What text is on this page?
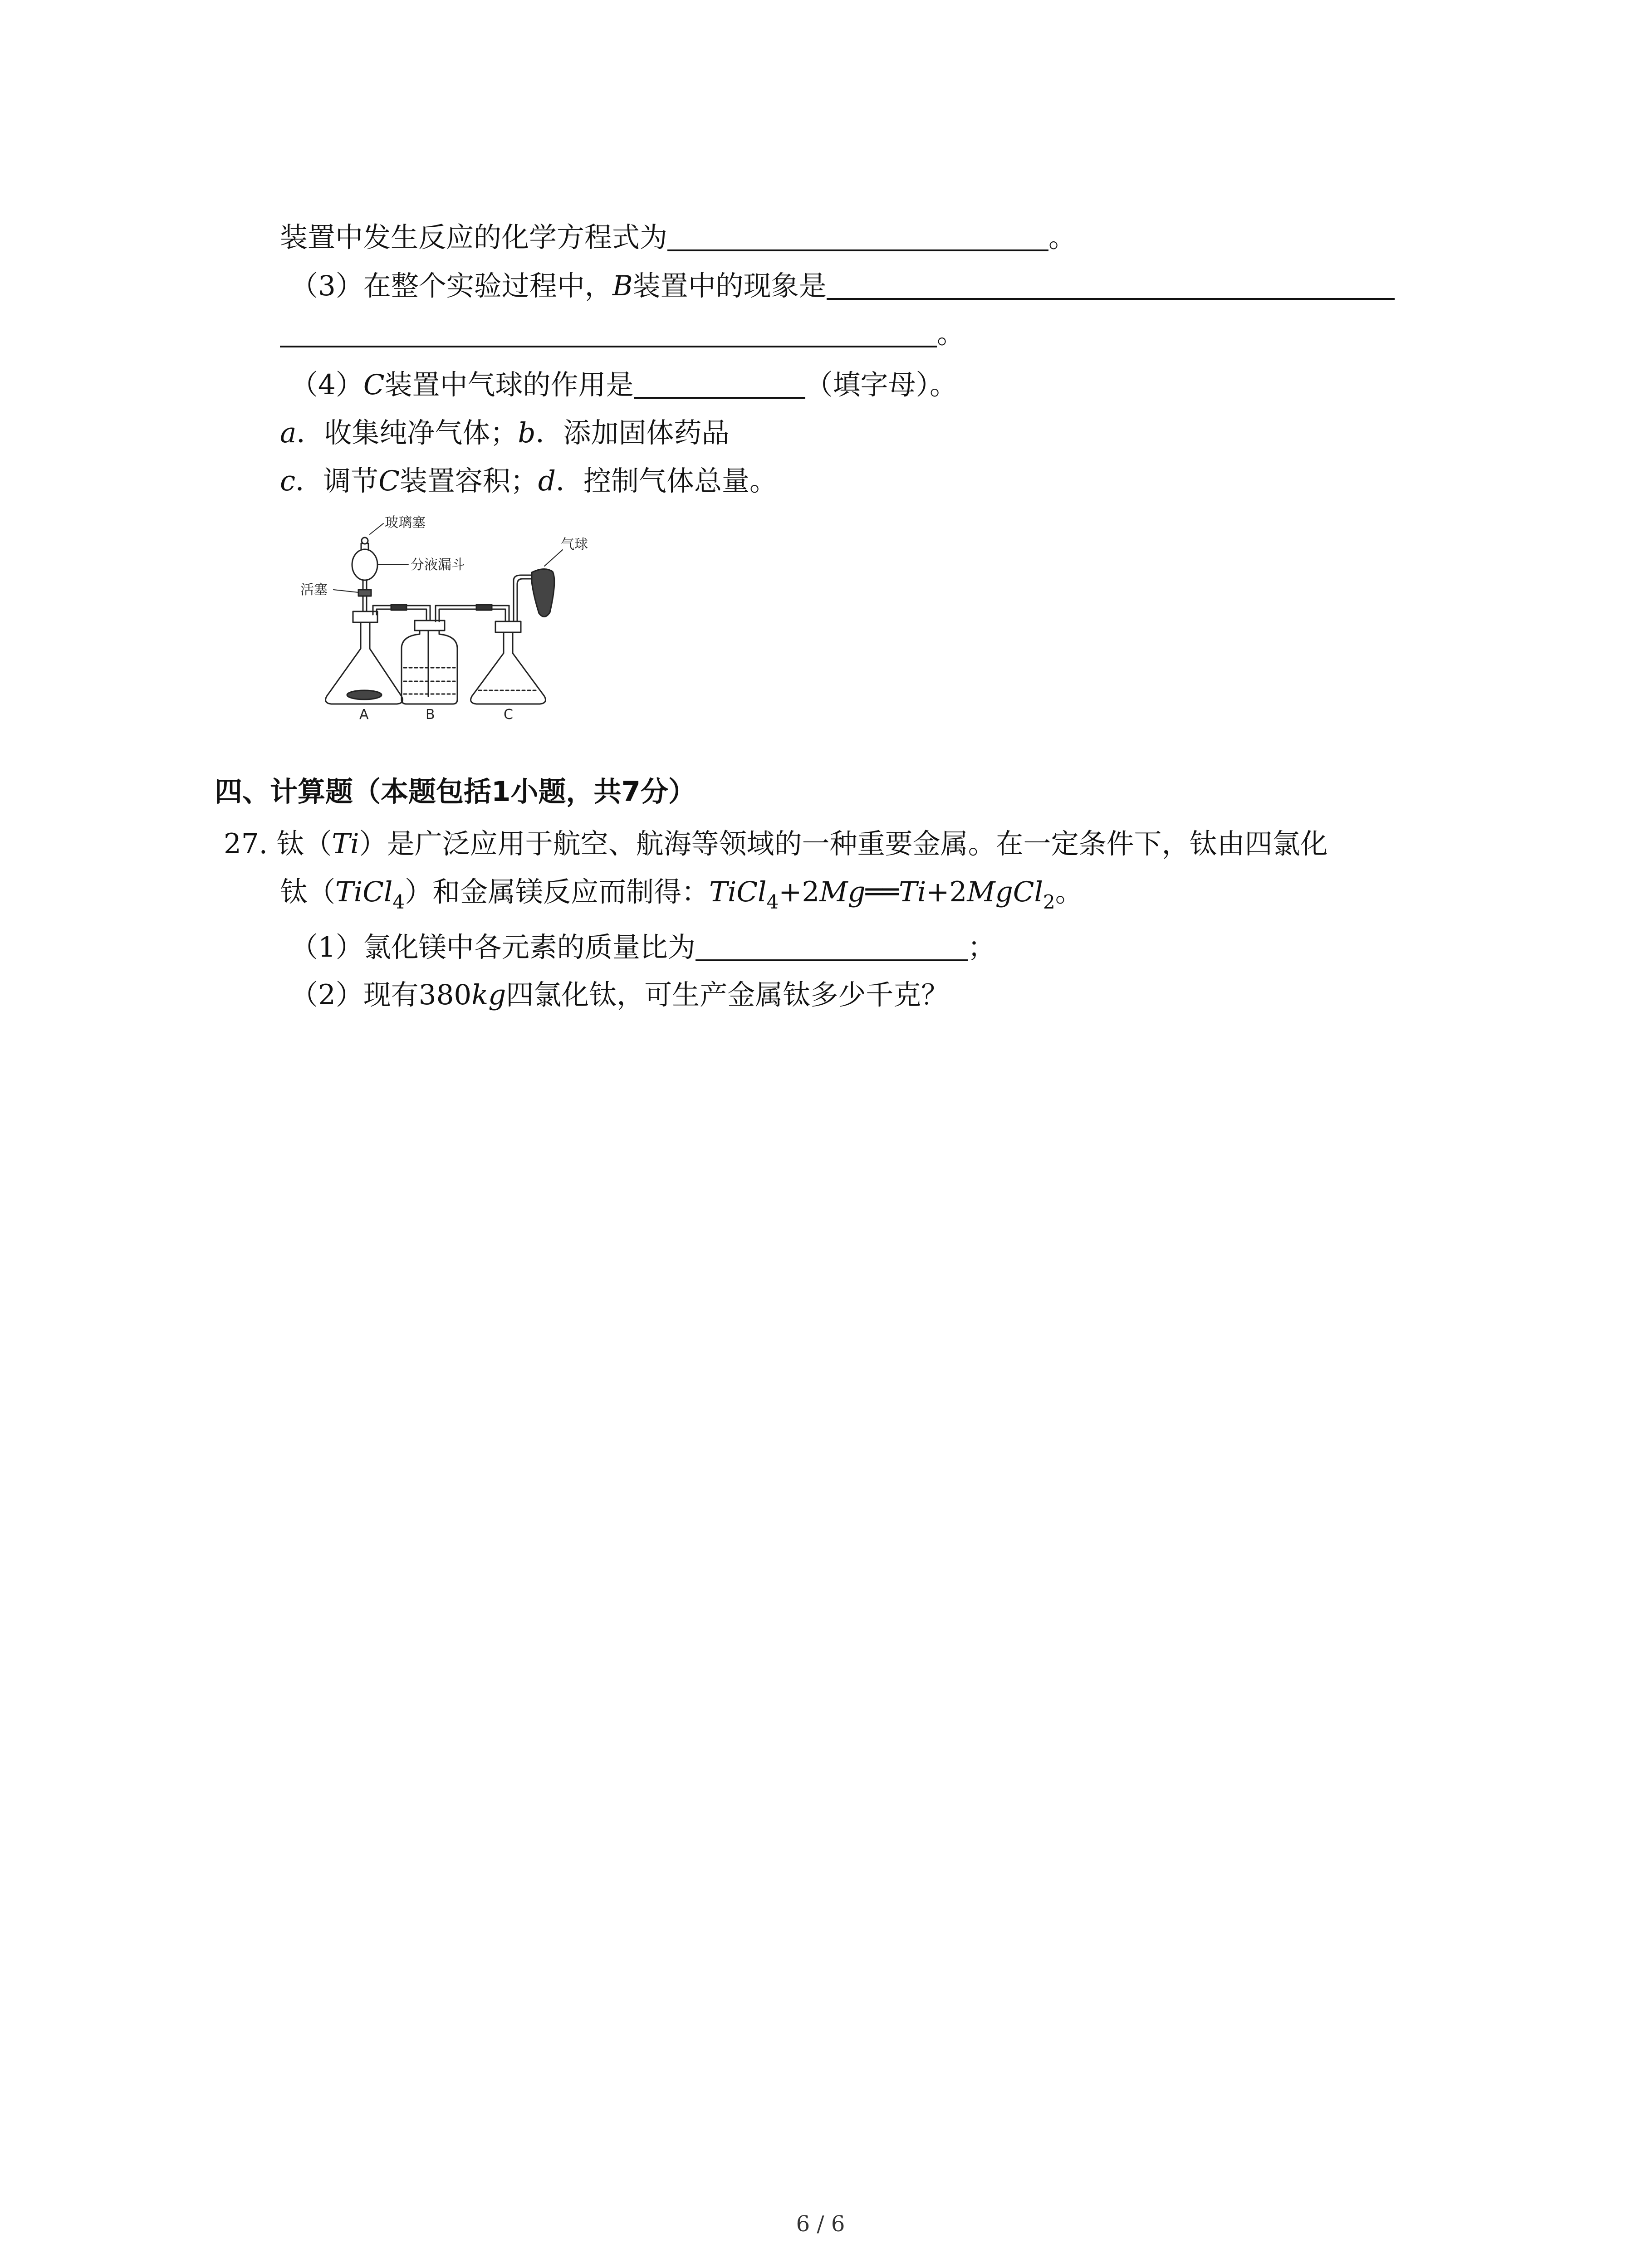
装置中发生反应的化学方程式为	。
（3）在整个实验过程中，B装置中的现象是
。
（4）C装置中气球的作用是	（填字母）。
a．收集纯净气体；b．添加固体药品
c．调节C装置容积；d．控制气体总量。
玻璃塞
分液漏斗
活塞
气球
A	B	C
四、计算题（本题包括1小题，共7分）
27. 钛（Ti）是广泛应用于航空、航海等领域的一种重要金属。在一定条件下，钛由四氯化
钛（TiCl$_4$）和金属镁反应而制得：TiCl$_4$+2Mg══Ti+2MgCl$_2$。
（1）氯化镁中各元素的质量比为	；
（2）现有380kg四氯化钛，可生产金属钛多少千克？
6 / 6
